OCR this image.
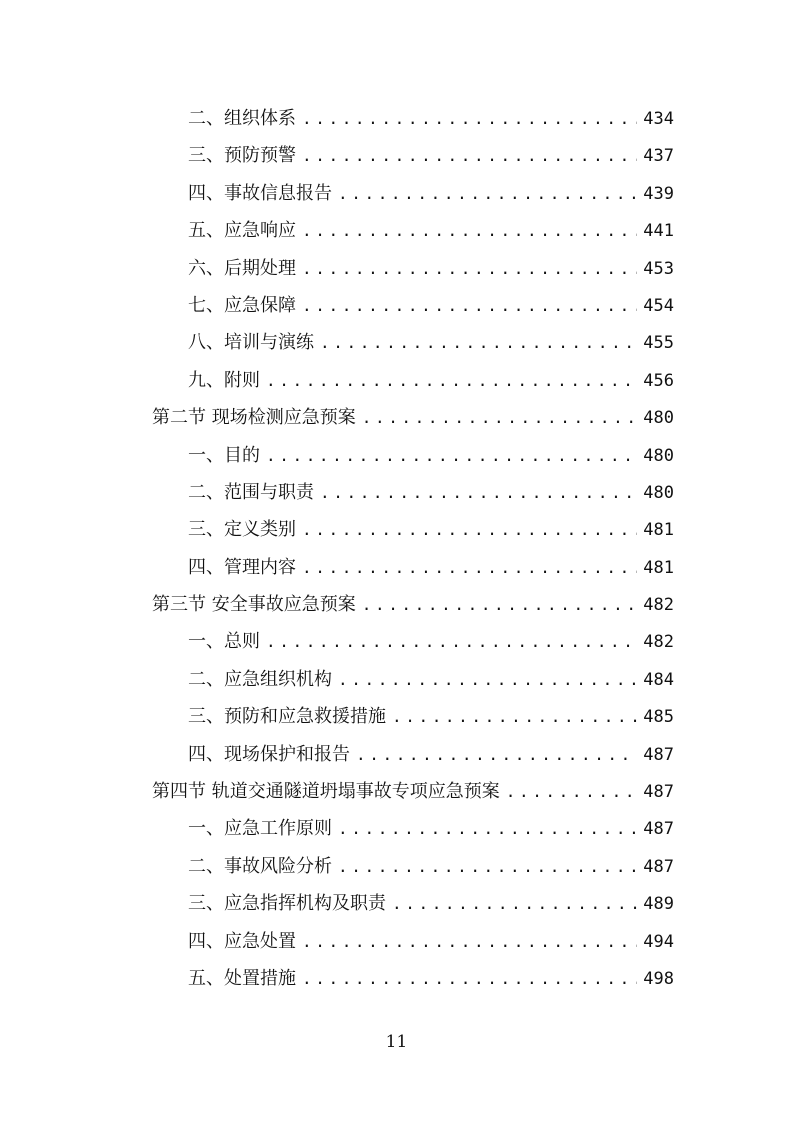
二、组织体系 .....	434
三、预防预警 .....	437
四、事故信息报告 .....	439
五、应急响应 .....	441
六、后期处理 .....	453
七、应急保障 .....	454
八、培训与演练 .....	455
九、附则 .....	456
第二节 现场检测应急预案 .....	480
一、目的 .....	480
二、范围与职责 .....	480
三、定义类别 .....	481
四、管理内容 .....	481
第三节 安全事故应急预案 .....	482
一、总则 .....	482
二、应急组织机构 .....	484
三、预防和应急救援措施 .....	485
四、现场保护和报告 .....	487
第四节 轨道交通隧道坍塌事故专项应急预案 .....	487
一、应急工作原则 .....	487
二、事故风险分析 .....	487
三、应急指挥机构及职责 .....	489
四、应急处置 .....	494
五、处置措施 .....	498
11
